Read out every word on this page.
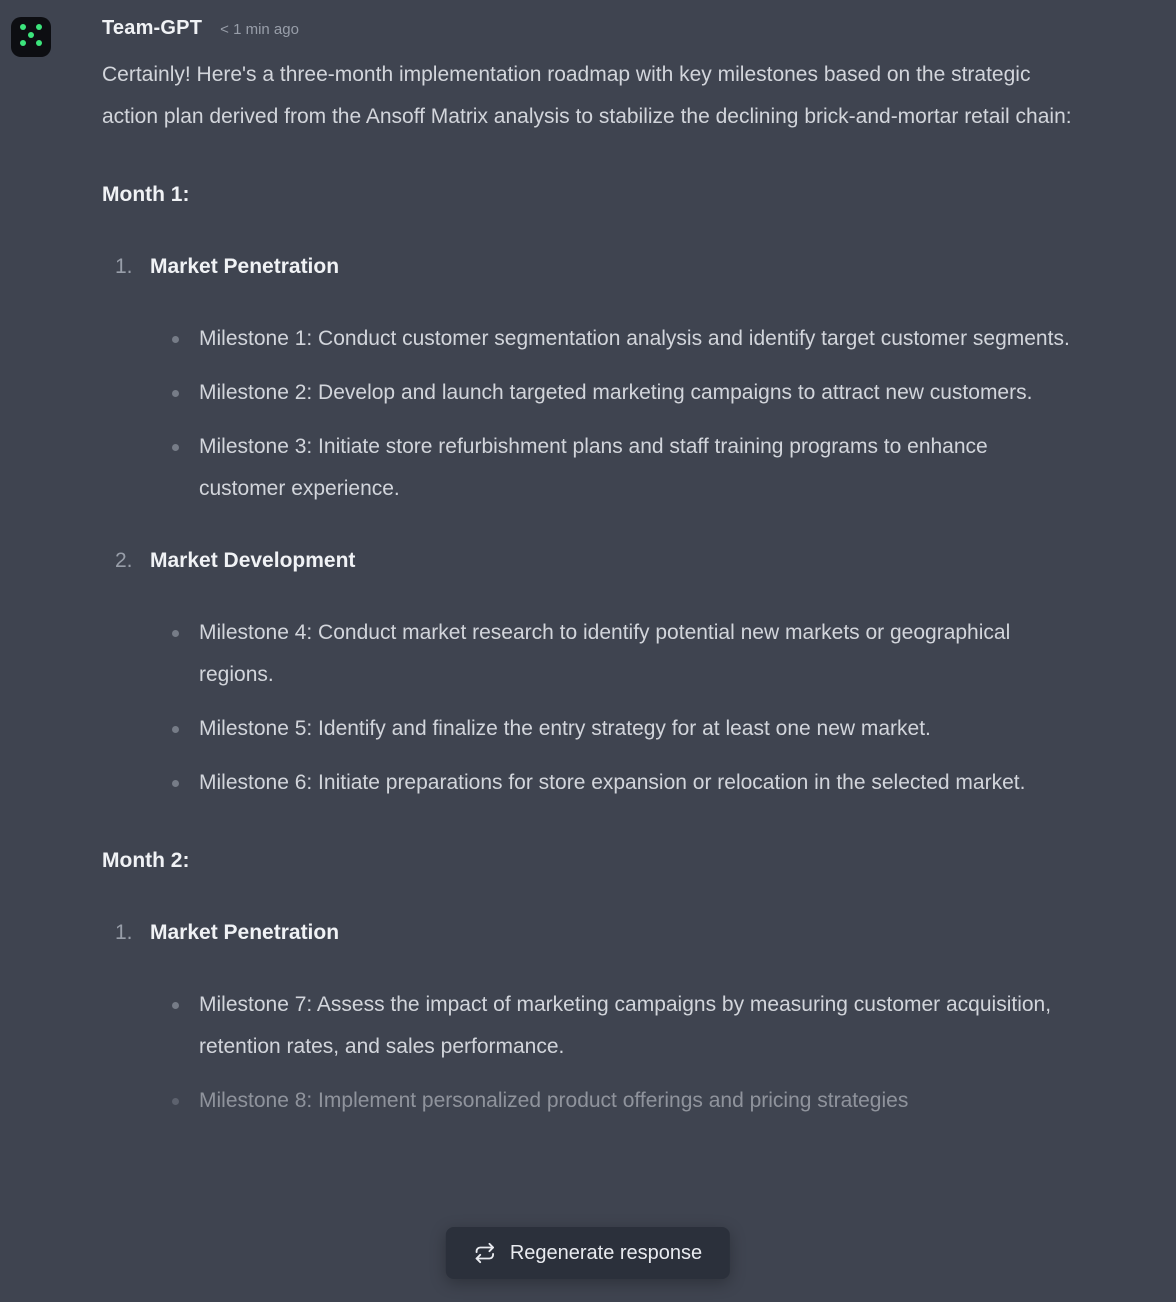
Team-GPT < 1 min ago

Certainly! Here's a three-month implementation roadmap with key milestones based on the strategic action plan derived from the Ansoff Matrix analysis to stabilize the declining brick-and-mortar retail chain:

Month 1:
1. Market Penetration
Milestone 1: Conduct customer segmentation analysis and identify target customer segments.
Milestone 2: Develop and launch targeted marketing campaigns to attract new customers.
Milestone 3: Initiate store refurbishment plans and staff training programs to enhance customer experience.
2. Market Development
Milestone 4: Conduct market research to identify potential new markets or geographical regions.
Milestone 5: Identify and finalize the entry strategy for at least one new market.
Milestone 6: Initiate preparations for store expansion or relocation in the selected market.
Month 2:
1. Market Penetration
Milestone 7: Assess the impact of marketing campaigns by measuring customer acquisition, retention rates, and sales performance.
Milestone 8: Implement personalized product offerings and pricing strategies
Regenerate response
